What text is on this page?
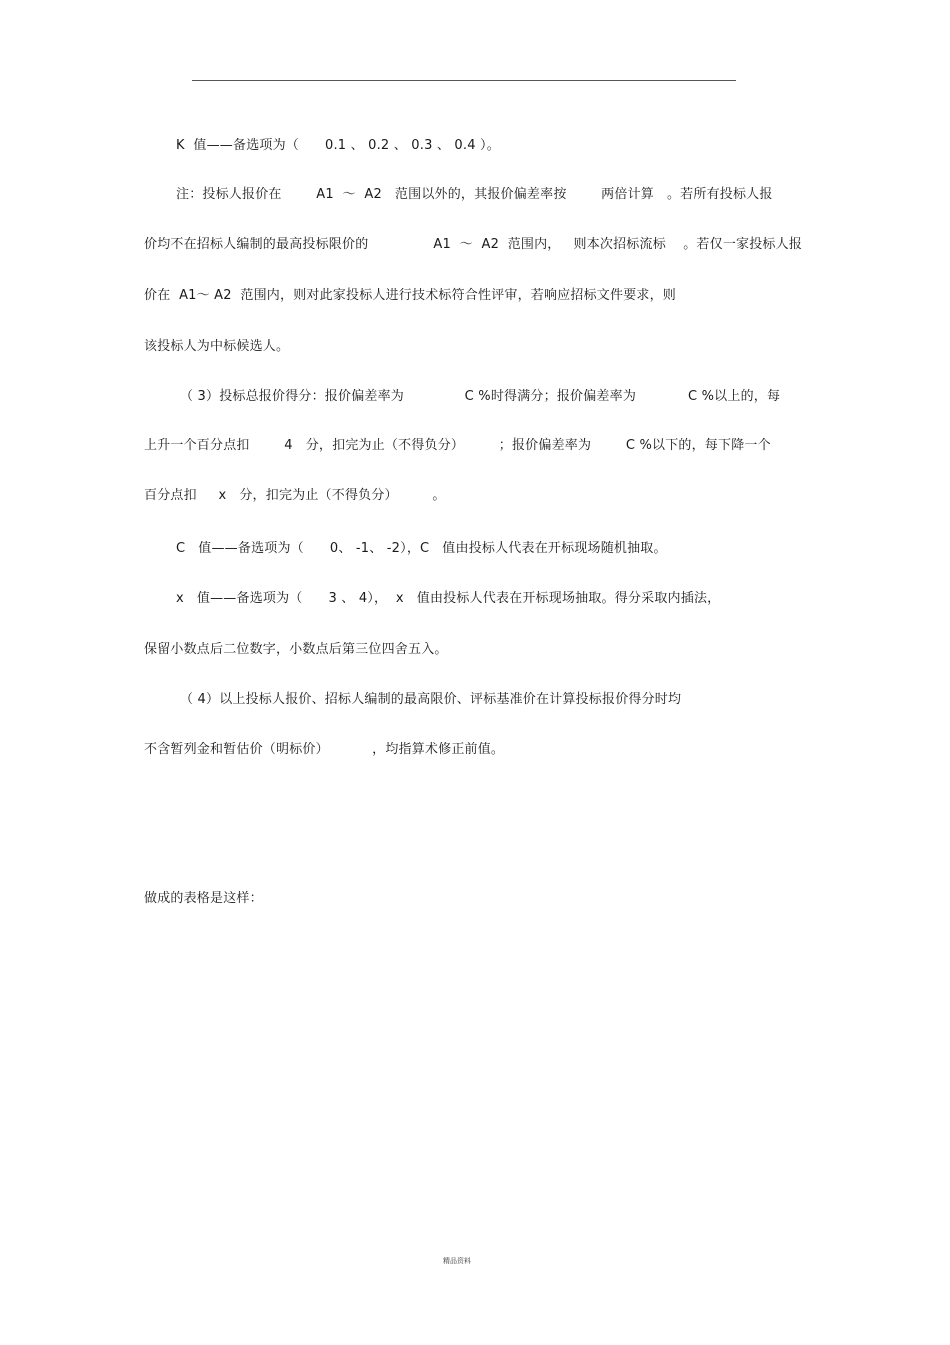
K  值——备选项为（      0.1 、 0.2 、 0.3 、 0.4 ）。
注：投标人报价在        A1  ～  A2   范围以外的，其报价偏差率按        两倍计算   。若所有投标人报
价均不在招标人编制的最高投标限价的               A1  ～  A2  范围内，   则本次招标流标    。若仅一家投标人报
价在  A1～ A2  范围内，则对此家投标人进行技术标符合性评审，若响应招标文件要求，则
该投标人为中标候选人。
（ 3）投标总报价得分：报价偏差率为              C %时得满分；报价偏差率为            C %以上的，每
上升一个百分点扣        4   分，扣完为止（不得负分）        ；报价偏差率为        C %以下的，每下降一个
百分点扣     x   分，扣完为止（不得负分）        。
C   值——备选项为（      0、 -1、 -2），C   值由投标人代表在开标现场随机抽取。
x   值——备选项为（      3 、 4），  x   值由投标人代表在开标现场抽取。得分采取内插法，
保留小数点后二位数字，小数点后第三位四舍五入。
（ 4）以上投标人报价、招标人编制的最高限价、评标基准价在计算投标报价得分时均
不含暂列金和暂估价（明标价）          ，均指算术修正前值。
做成的表格是这样：
精品资料
